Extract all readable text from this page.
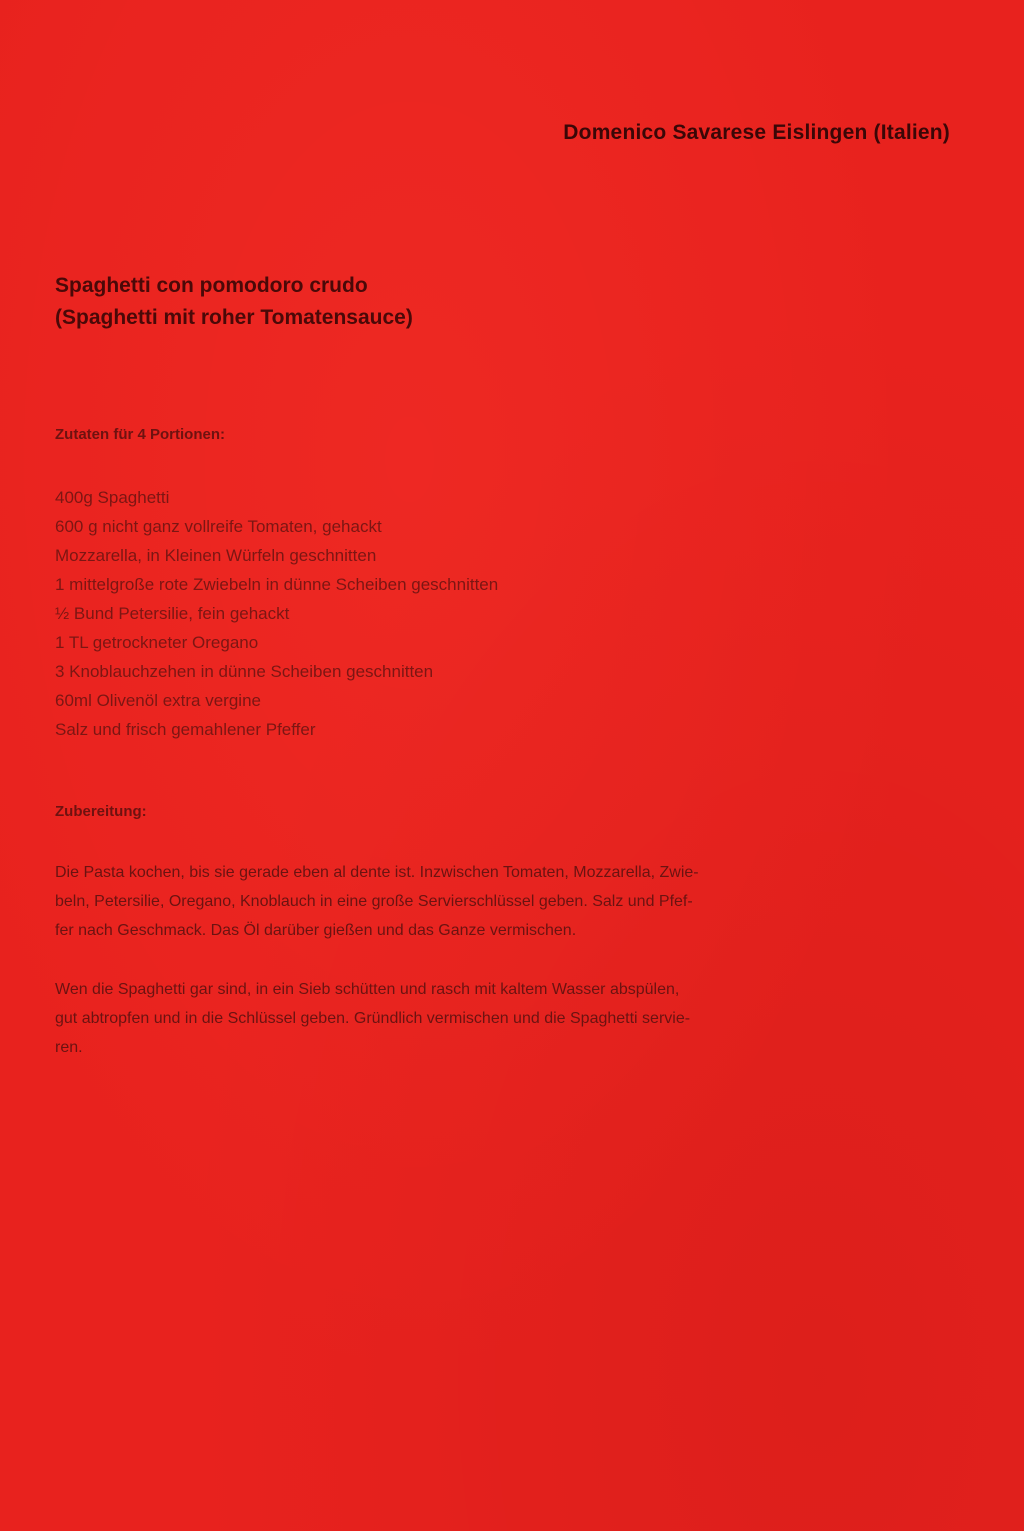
Domenico Savarese Eislingen (Italien)
Spaghetti con pomodoro crudo
(Spaghetti mit roher Tomatensauce)
Zutaten für 4 Portionen:
400g Spaghetti
600 g nicht ganz vollreife Tomaten, gehackt
Mozzarella, in Kleinen Würfeln geschnitten
1 mittelgroße rote Zwiebeln in dünne Scheiben geschnitten
½ Bund Petersilie, fein gehackt
1 TL getrockneter Oregano
3 Knoblauchzehen in dünne Scheiben geschnitten
60ml Olivenöl extra vergine
Salz und frisch gemahlener Pfeffer
Zubereitung:
Die Pasta kochen, bis sie gerade eben al dente ist. Inzwischen Tomaten, Mozzarella, Zwie-
beln, Petersilie, Oregano, Knoblauch in eine große Servierschlüssel geben. Salz und Pfef-
fer nach Geschmack. Das Öl darüber gießen und das Ganze vermischen.
Wen die Spaghetti gar sind, in ein Sieb schütten und rasch mit kaltem Wasser abspülen,
gut abtropfen und in die Schlüssel geben. Gründlich vermischen und die Spaghetti servie-
ren.
